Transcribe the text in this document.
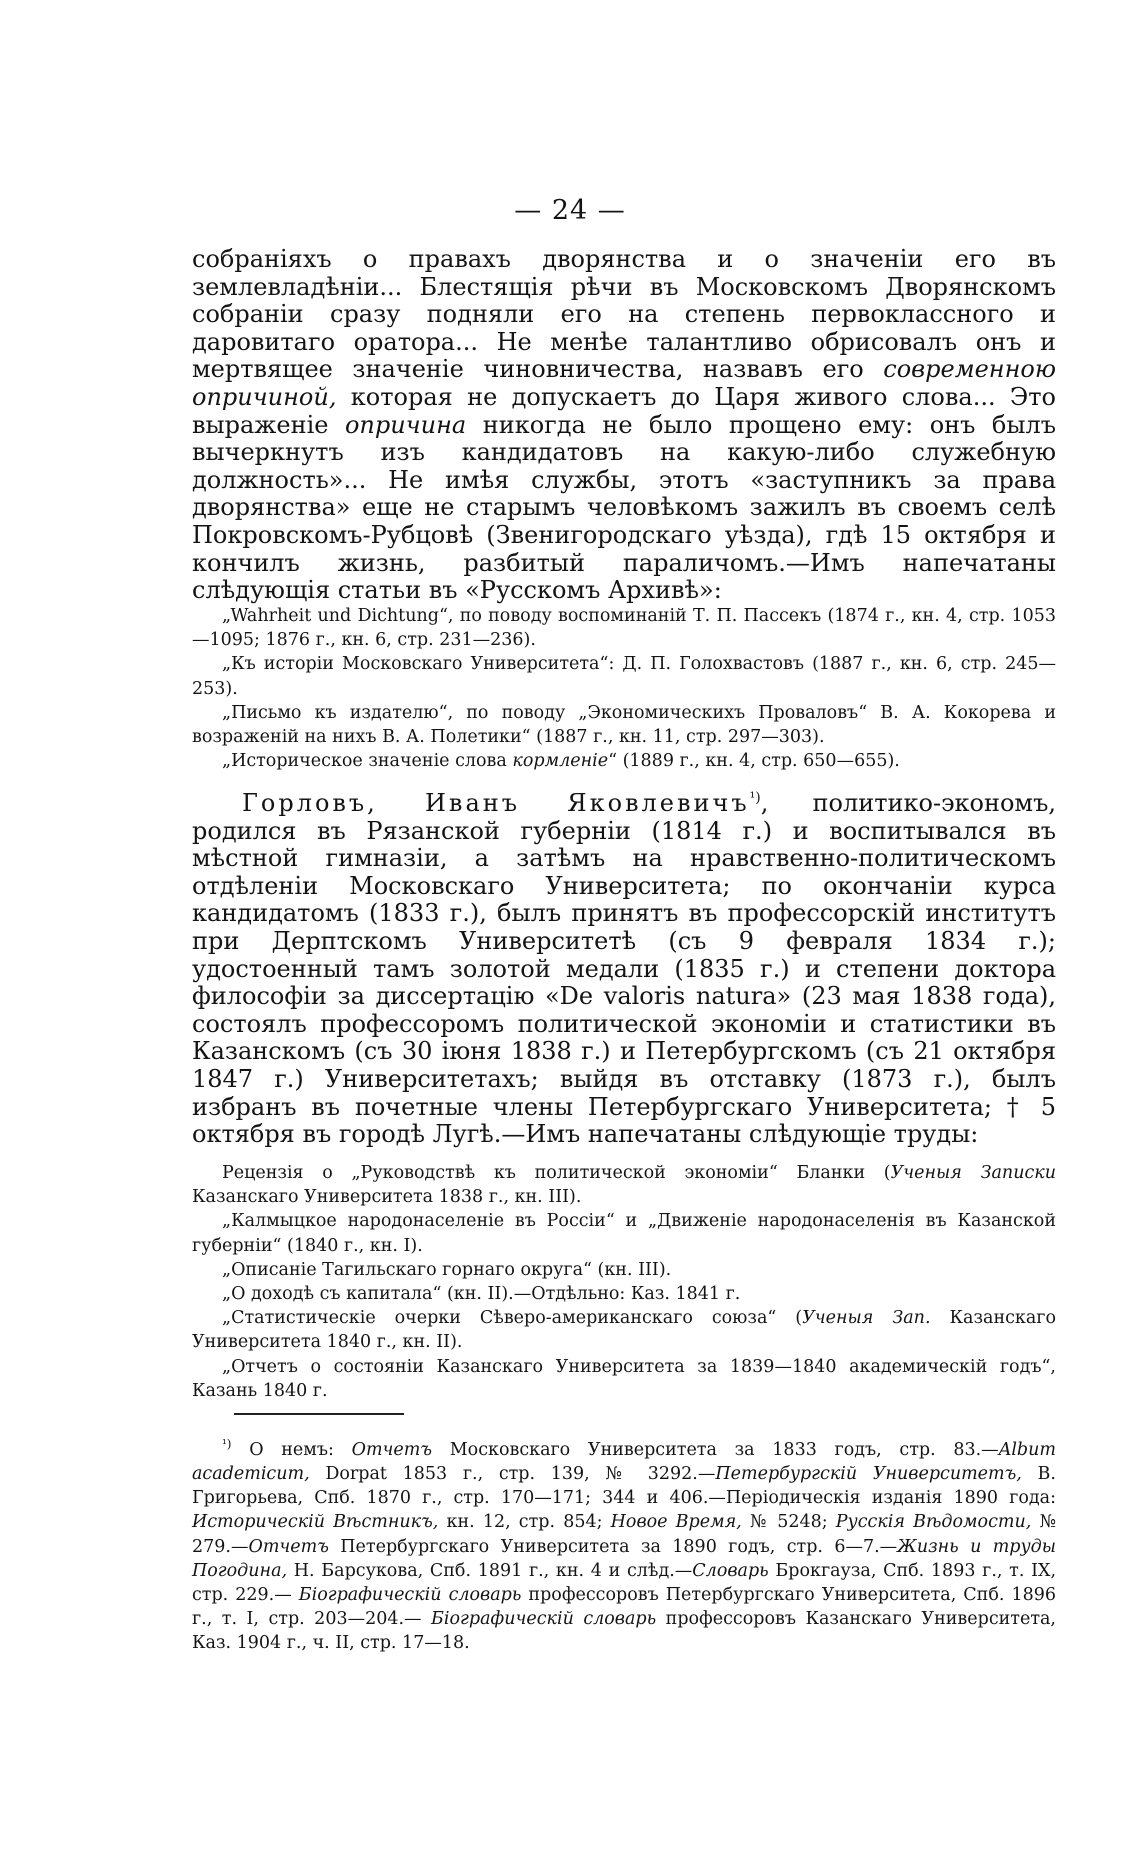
— 24 —

собраніяхъ о правахъ дворянства и о значеніи его въ землевладѣніи... Блестящія рѣчи въ Московскомъ Дворянскомъ собраніи сразу подняли его на степень первоклассного и даровитаго оратора... Не менѣе талантливо обрисовалъ онъ и мертвящее значеніе чиновничества, назвавъ его современною опричиной, которая не допускаетъ до Царя живого слова... Это выраженіе опричина никогда не было прощено ему: онъ былъ вычеркнутъ изъ кандидатовъ на какую-либо служебную должность»... Не имѣя службы, этотъ «заступникъ за права дворянства» еще не старымъ человѣкомъ зажилъ въ своемъ селѣ Покровскомъ-Рубцовѣ (Звенигородскаго уѣзда), гдѣ 15 октября и кончилъ жизнь, разбитый параличомъ.—Имъ напечатаны слѣдующія статьи въ «Русскомъ Архивѣ»:

„Wahrheit und Dichtung“, по поводу воспоминаній Т. П. Пассекъ (1874 г., кн. 4, стр. 1053—1095; 1876 г., кн. 6, стр. 231—236).
„Къ исторіи Московскаго Университета“: Д. П. Голохвастовъ (1887 г., кн. 6, стр. 245—253).
„Письмо къ издателю“, по поводу „Экономическихъ Проваловъ“ В. А. Кокорева и возраженій на нихъ В. А. Полетики“ (1887 г., кн. 11, стр. 297—303).
„Историческое значеніе слова кормленіе“ (1889 г., кн. 4, стр. 650—655).

Горловъ, Иванъ Яковлевичъ$^{^1)}$, политико-экономъ, родился въ Рязанской губерніи (1814 г.) и воспитывался въ мѣстной гимназіи, а затѣмъ на нравственно-политическомъ отдѣленіи Московскаго Университета; по окончаніи курса кандидатомъ (1833 г.), былъ принятъ въ профессорскій институтъ при Дерптскомъ Университетѣ (съ 9 февраля 1834 г.); удостоенный тамъ золотой медали (1835 г.) и степени доктора философіи за диссертацію «De valoris natura» (23 мая 1838 года), состоялъ профессоромъ политической экономіи и статистики въ Казанскомъ (съ 30 іюня 1838 г.) и Петербургскомъ (съ 21 октября 1847 г.) Университетахъ; выйдя въ отставку (1873 г.), былъ избранъ въ почетные члены Петербургскаго Университета; † 5 октября въ городѣ Лугѣ.—Имъ напечатаны слѣдующіе труды:

Рецензія о „Руководствѣ къ политической экономіи“ Бланки (Ученыя Записки Казанскаго Университета 1838 г., кн. III).
„Калмыцкое народонаселеніе въ Россіи“ и „Движеніе народонаселенія въ Казанской губерніи“ (1840 г., кн. I).
„Описаніе Тагильскаго горнаго округа“ (кн. III).
„О доходѣ съ капитала“ (кн. II).—Отдѣльно: Каз. 1841 г.
„Статистическіе очерки Сѣверо-американскаго союза“ (Ученыя Зап. Казанскаго Университета 1840 г., кн. II).
„Отчетъ о состояніи Казанскаго Университета за 1839—1840 академическій годъ“, Казань 1840 г.

$^{^1)}$ О немъ: Отчетъ Московскаго Университета за 1833 годъ, стр. 83.—Album academicum, Dorpat 1853 г., стр. 139, № 3292.—Петербургскій Университетъ, В. Григорьева, Спб. 1870 г., стр. 170—171; 344 и 406.—Періодическія изданія 1890 года: Историческій Вѣстникъ, кн. 12, стр. 854; Новое Время, № 5248; Русскія Вѣдомости, № 279.—Отчетъ Петербургскаго Университета за 1890 годъ, стр. 6—7.—Жизнь и труды Погодина, Н. Барсукова, Спб. 1891 г., кн. 4 и слѣд.—Словарь Брокгауза, Спб. 1893 г., т. IX, стр. 229.— Біографическій словарь профессоровъ Петербургскаго Университета, Спб. 1896 г., т. I, стр. 203—204.— Біографическій словарь профессоровъ Казанскаго Университета, Каз. 1904 г., ч. II, стр. 17—18.
